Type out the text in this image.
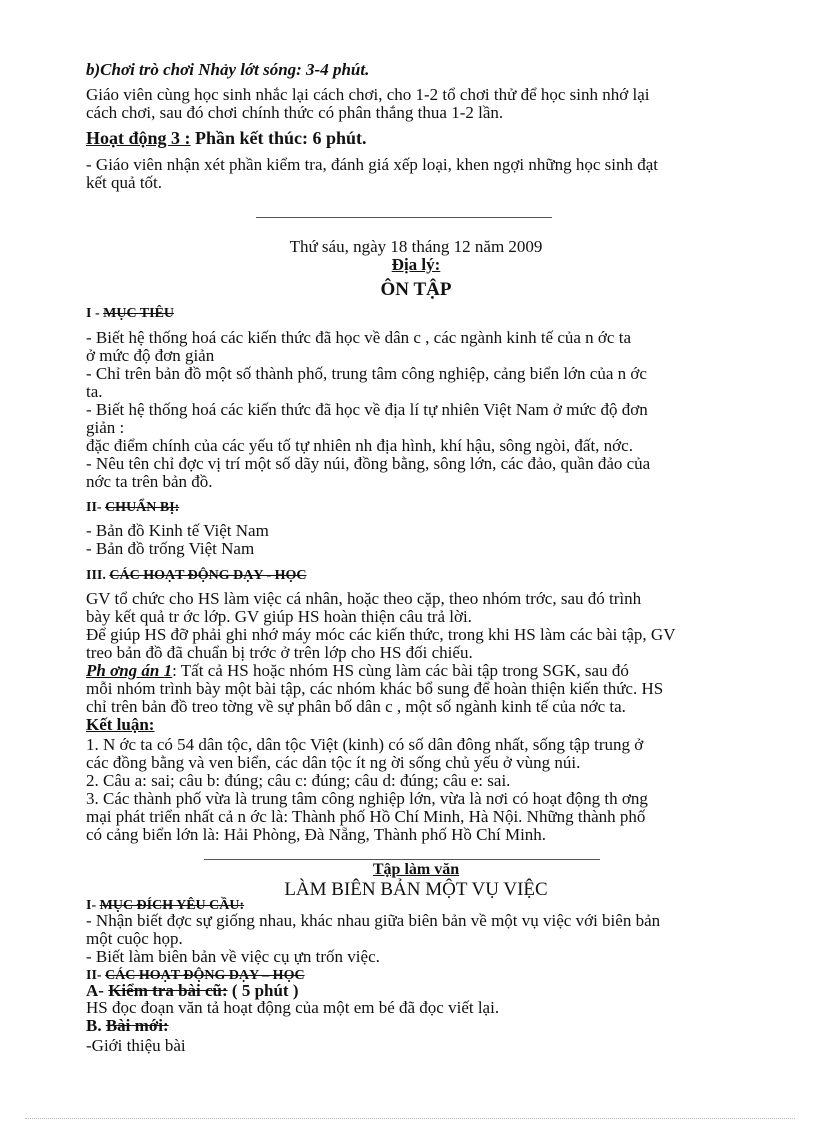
b)Chơi trò chơi Nhảy lớt sóng: 3-4 phút.
Giáo viên cùng học sinh nhắc lại cách chơi, cho 1-2 tổ chơi thử để học sinh nhớ lại
cách chơi, sau đó chơi chính thức có phân thắng thua 1-2 lần.
Hoạt động 3 : Phần kết thúc: 6 phút.
- Giáo viên nhận xét phần kiểm tra, đánh giá xếp loại, khen ngợi những học sinh đạt
kết quả tốt.
Thứ sáu, ngày 18 tháng 12 năm 2009
Địa lý:
ÔN TẬP
I - MỤC TIÊU
- Biết hệ thống hoá các kiến thức đã học về dân c , các ngành kinh tế của n ớc ta
ở mức độ đơn giản
- Chỉ trên bản đồ một số thành phố, trung tâm công nghiệp, cảng biển lớn của n ớc
ta.
- Biết hệ thống hoá các kiến thức đã học về địa lí tự nhiên Việt Nam ở mức độ đơn
giản :
đặc điểm chính của các yếu tố tự nhiên nh địa hình, khí hậu, sông ngòi, đất, nớc.
- Nêu tên chỉ đợc vị trí một số dãy núi, đồng bằng, sông lớn, các đảo, quần đảo của
nớc ta trên bản đồ.
II- CHUẨN BỊ:
- Bản đồ Kinh tế Việt Nam
- Bản đồ trống Việt Nam
III. CÁC HOẠT ĐỘNG DẠY - HỌC
GV tổ chức cho HS làm việc cá nhân, hoặc theo cặp, theo nhóm trớc, sau đó trình
bày kết quả tr ớc lớp. GV giúp HS hoàn thiện câu trả lời.
Để giúp HS đỡ phải ghi nhớ máy móc các kiến thức, trong khi HS làm các bài tập, GV
treo bản đồ đã chuẩn bị trớc ở trên lớp cho HS đối chiếu.
Ph ơng án 1: Tất cả HS hoặc nhóm HS cùng làm các bài tập trong SGK, sau đó
mỗi nhóm trình bày một bài tập, các nhóm khác bổ sung để hoàn thiện kiến thức. HS
chỉ trên bản đồ treo tờng về sự phân bố dân c , một số ngành kinh tế của nớc ta.
Kết luận:
1. N ớc ta có 54 dân tộc, dân tộc Việt (kinh) có số dân đông nhất, sống tập trung ở
các đồng bằng và ven biển, các dân tộc ít ng ời sống chủ yếu ở vùng núi.
2. Câu a: sai; câu b: đúng; câu c: đúng; câu d: đúng; câu e: sai.
3. Các thành phố vừa là trung tâm công nghiệp lớn, vừa là nơi có hoạt động th ơng
mại phát triển nhất cả n ớc là: Thành phố Hồ Chí Minh, Hà Nội. Những thành phố
có cảng biển lớn là: Hải Phòng, Đà Nẵng, Thành phố Hồ Chí Minh.
Tập làm văn
LÀM BIÊN BẢN MỘT VỤ VIỆC
I- MỤC ĐÍCH YÊU CẦU:
- Nhận biết đợc sự giống nhau, khác nhau giữa biên bản về một vụ việc với biên bản
một cuộc họp.
- Biết làm biên bản về việc cụ ựn trốn việc.
II- CÁC HOẠT ĐỘNG DẠY – HỌC
A- Kiểm tra bài cũ: ( 5 phút )
HS đọc đoạn văn tả hoạt động của một em bé đã đọc viết lại.
B. Bài mới:
-Giới thiệu bài
